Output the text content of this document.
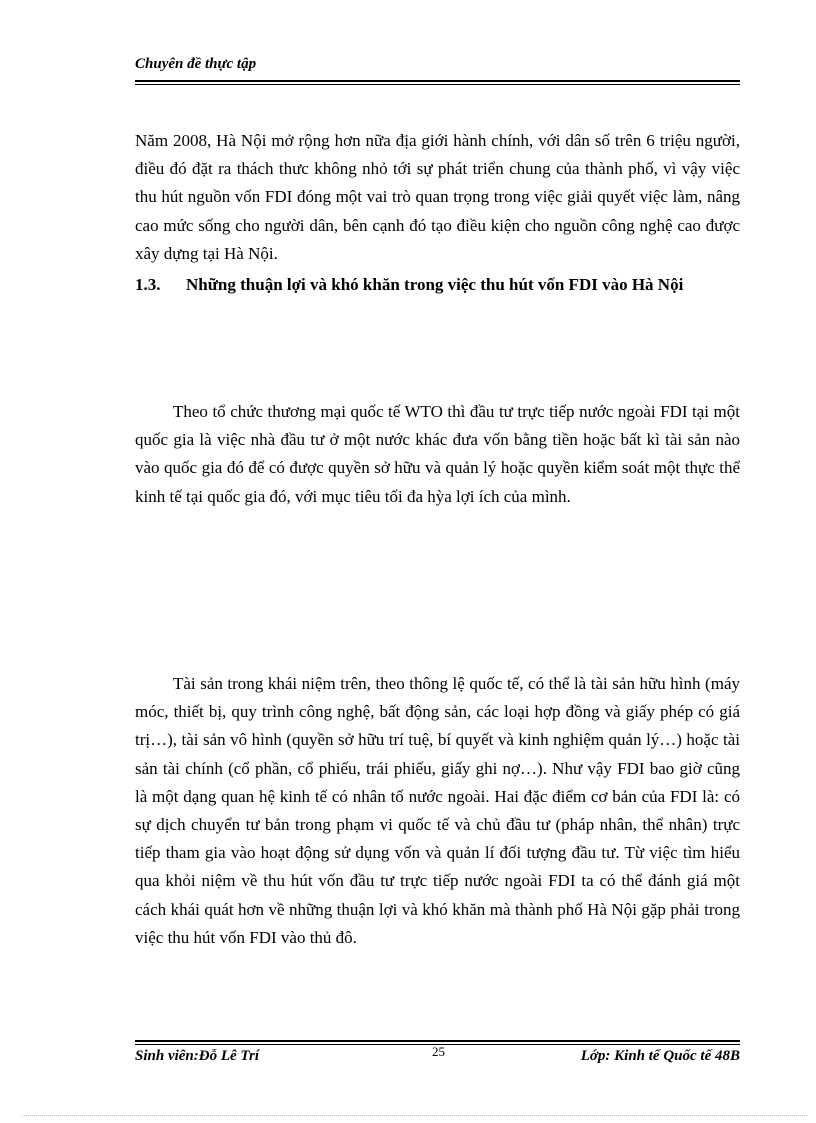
Chuyên đề thực tập

Năm 2008, Hà Nội mở rộng hơn nữa địa giới hành chính, với dân số trên 6 triệu người, điều đó đặt ra thách thưc không nhỏ tới sự phát triển chung của thành phố, vì vậy việc thu hút nguồn vốn FDI đóng một vai trò quan trọng trong việc giải quyết việc làm, nâng cao mức sống cho người dân, bên cạnh đó tạo điều kiện cho nguồn công nghệ cao được xây dựng tại Hà Nội.

1.3. Những thuận lợi và khó khăn trong việc thu hút vốn FDI vào Hà Nội

Theo tổ chức thương mại quốc tế WTO thì đầu tư trực tiếp nước ngoài FDI tại một quốc gia là việc nhà đầu tư ở một nước khác đưa vốn bằng tiền hoặc bất kì tài sản nào vào quốc gia đó để có được quyền sở hữu và quản lý hoặc quyền kiểm soát một thực thể kinh tế tại quốc gia đó, với mục tiêu tối đa hỳa lợi ích của mình.

Tài sản trong khái niệm trên, theo thông lệ quốc tế, có thể là tài sản hữu hình (máy móc, thiết bị, quy trình công nghệ, bất động sản, các loại hợp đồng và giấy phép có giá trị…), tài sản vô hình (quyền sở hữu trí tuệ, bí quyết và kinh nghiệm quản lý…) hoặc tài sản tài chính (cổ phần, cổ phiếu, trái phiếu, giấy ghi nợ…). Như vậy FDI bao giờ cũng là một dạng quan hệ kinh tế có nhân tố nước ngoài. Hai đặc điểm cơ bản của FDI là: có sự dịch chuyển tư bản trong phạm vi quốc tế và chủ đầu tư (pháp nhân, thể nhân) trực tiếp tham gia vào hoạt động sử dụng vốn và quản lí đối tượng đầu tư. Từ việc tìm hiểu qua khỏi niệm về thu hút vốn đầu tư trực tiếp nước ngoài FDI ta có thể đánh giá một cách khái quát hơn về những thuận lợi và khó khăn mà thành phố Hà Nội gặp phải trong việc thu hút vốn FDI vào thủ đô.

Sinh viên:Đỗ Lê Trí	25	Lớp: Kinh tế Quốc tế 48B
